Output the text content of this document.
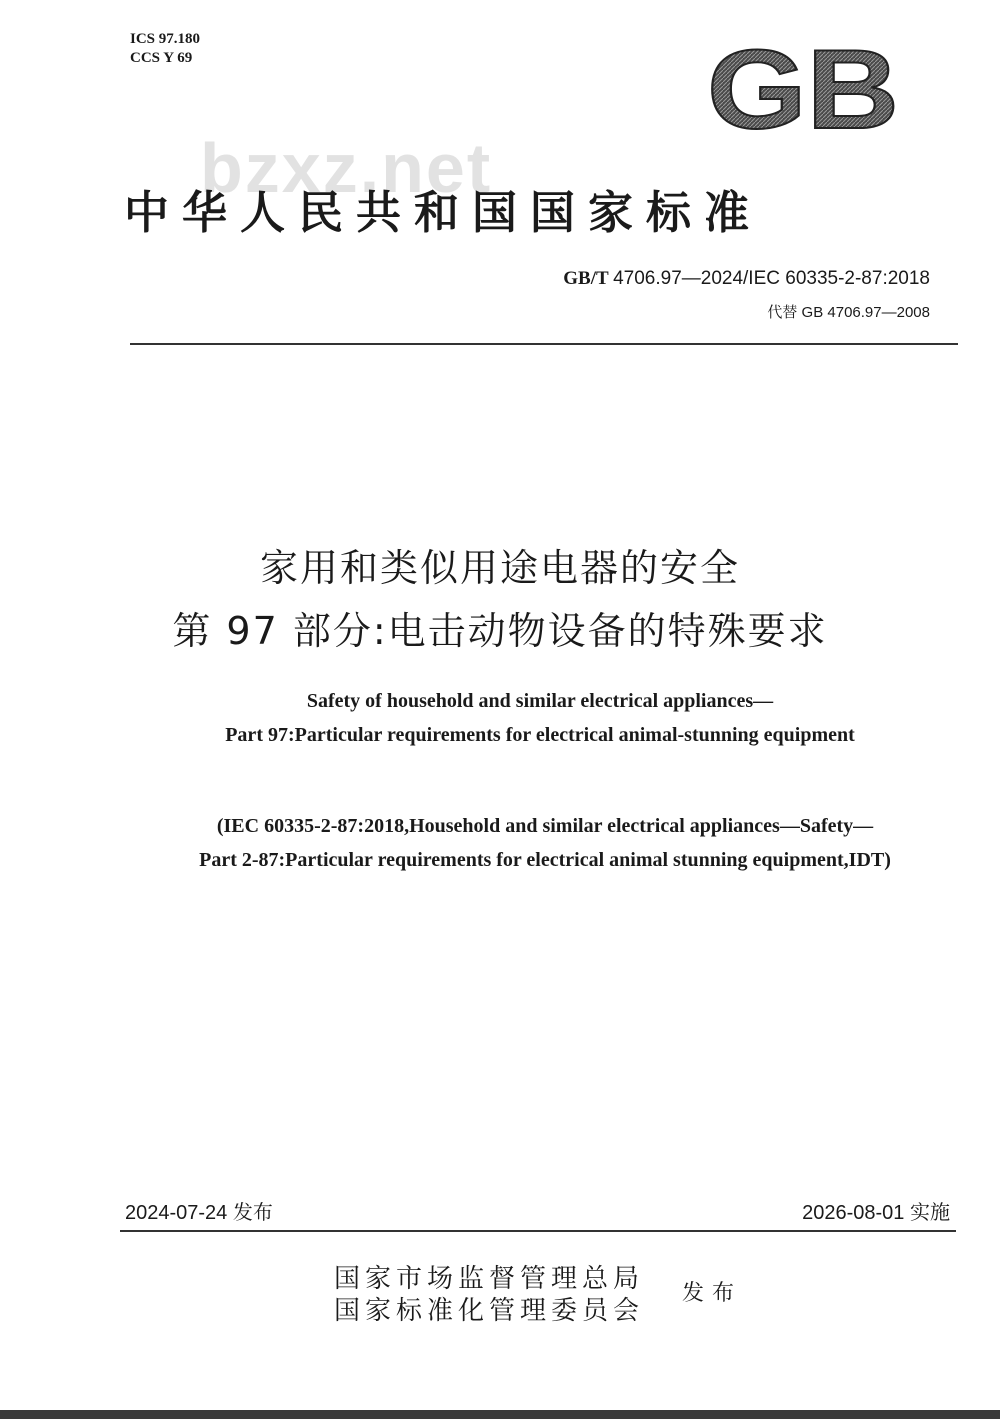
ICS 97.180
CCS Y 69	GB
bzxz.net
中华人民共和国国家标准
GB/T 4706.97—2024/IEC 60335-2-87:2018
代替 GB 4706.97—2008
家用和类似用途电器的安全
第 97 部分:电击动物设备的特殊要求
Safety of household and similar electrical appliances—
Part 97:Particular requirements for electrical animal-stunning equipment
(IEC 60335-2-87:2018,Household and similar electrical appliances—Safety—
Part 2-87:Particular requirements for electrical animal stunning equipment,IDT)
2024-07-24 发布	2026-08-01 实施
国家市场监督管理总局
国家标准化管理委员会
发布
